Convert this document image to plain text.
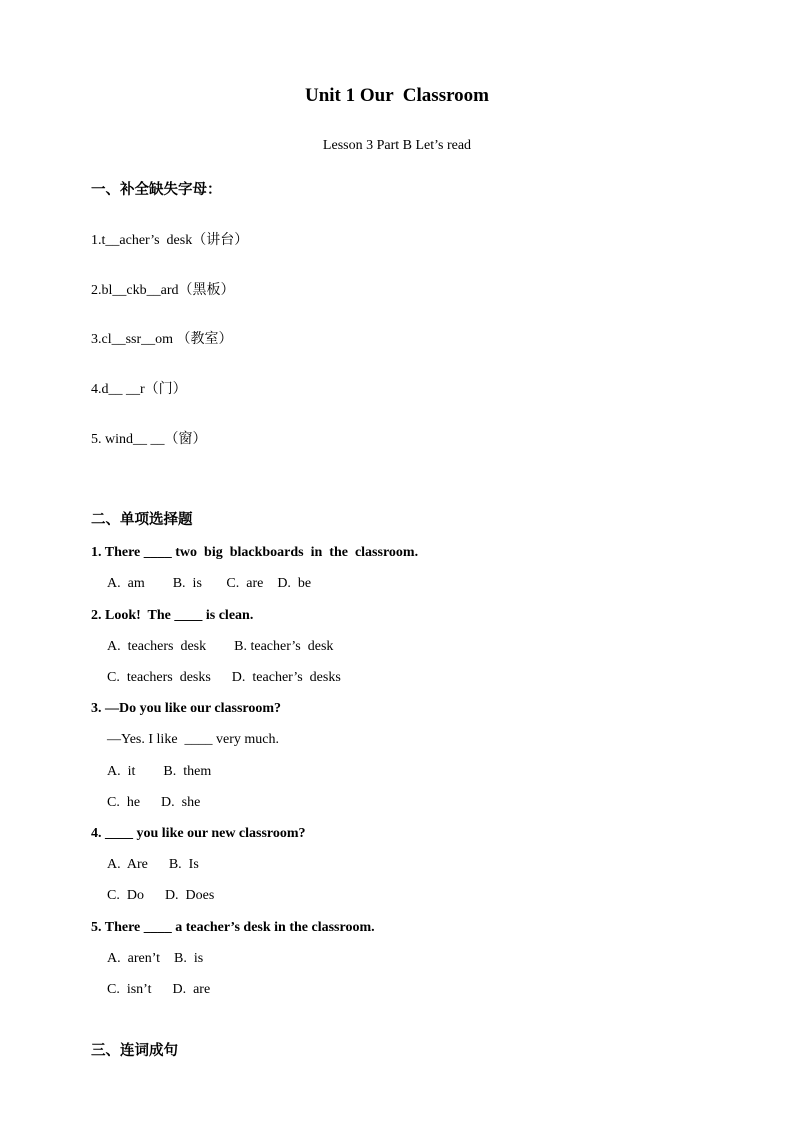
Unit 1 Our  Classroom
Lesson 3 Part B Let’s read
一、补全缺失字母：
1.t__acher’s  desk（讲台）
2.bl__ckb__ard（黑板）
3.cl__ssr__om （教室）
4.d__ __r（门）
5. wind__ __（窗）
二、单项选择题
1. There ____ two  big  blackboards  in  the  classroom.
A.  am        B.  is       C.  are    D.  be
2. Look!  The ____ is clean.
A.  teachers  desk        B. teacher’s  desk
C.  teachers  desks      D.  teacher’s  desks
3. —Do you like our classroom?
—Yes. I like  ____ very much.
A.  it        B.  them
C.  he      D.  she
4. ____ you like our new classroom?
A.  Are      B.  Is
C.  Do      D.  Does
5. There ____ a teacher’s desk in the classroom.
A.  aren’t    B.  is
C.  isn’t      D.  are
三、连词成句
